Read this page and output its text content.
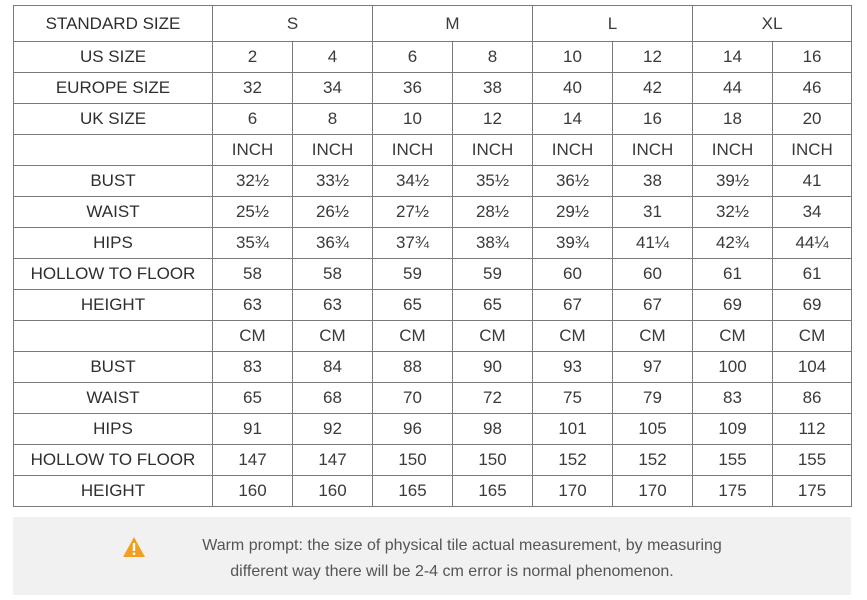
STANDARD SIZE	S		M		L		XL	
US SIZE	2	4	6	8	10	12	14	16
EUROPE SIZE	32	34	36	38	40	42	44	46
UK SIZE	6	8	10	12	14	16	18	20
	INCH	INCH	INCH	INCH	INCH	INCH	INCH	INCH
BUST	32½	33½	34½	35½	36½	38	39½	41
WAIST	25½	26½	27½	28½	29½	31	32½	34
HIPS	35¾	36¾	37¾	38¾	39¾	41¼	42¾	44¼
HOLLOW TO FLOOR	58	58	59	59	60	60	61	61
HEIGHT	63	63	65	65	67	67	69	69
	CM	CM	CM	CM	CM	CM	CM	CM
BUST	83	84	88	90	93	97	100	104
WAIST	65	68	70	72	75	79	83	86
HIPS	91	92	96	98	101	105	109	112
HOLLOW TO FLOOR	147	147	150	150	152	152	155	155
HEIGHT	160	160	165	165	170	170	175	175
Warm prompt: the size of physical tile actual measurement, by measuring
different way there will be 2-4 cm error is normal phenomenon.
